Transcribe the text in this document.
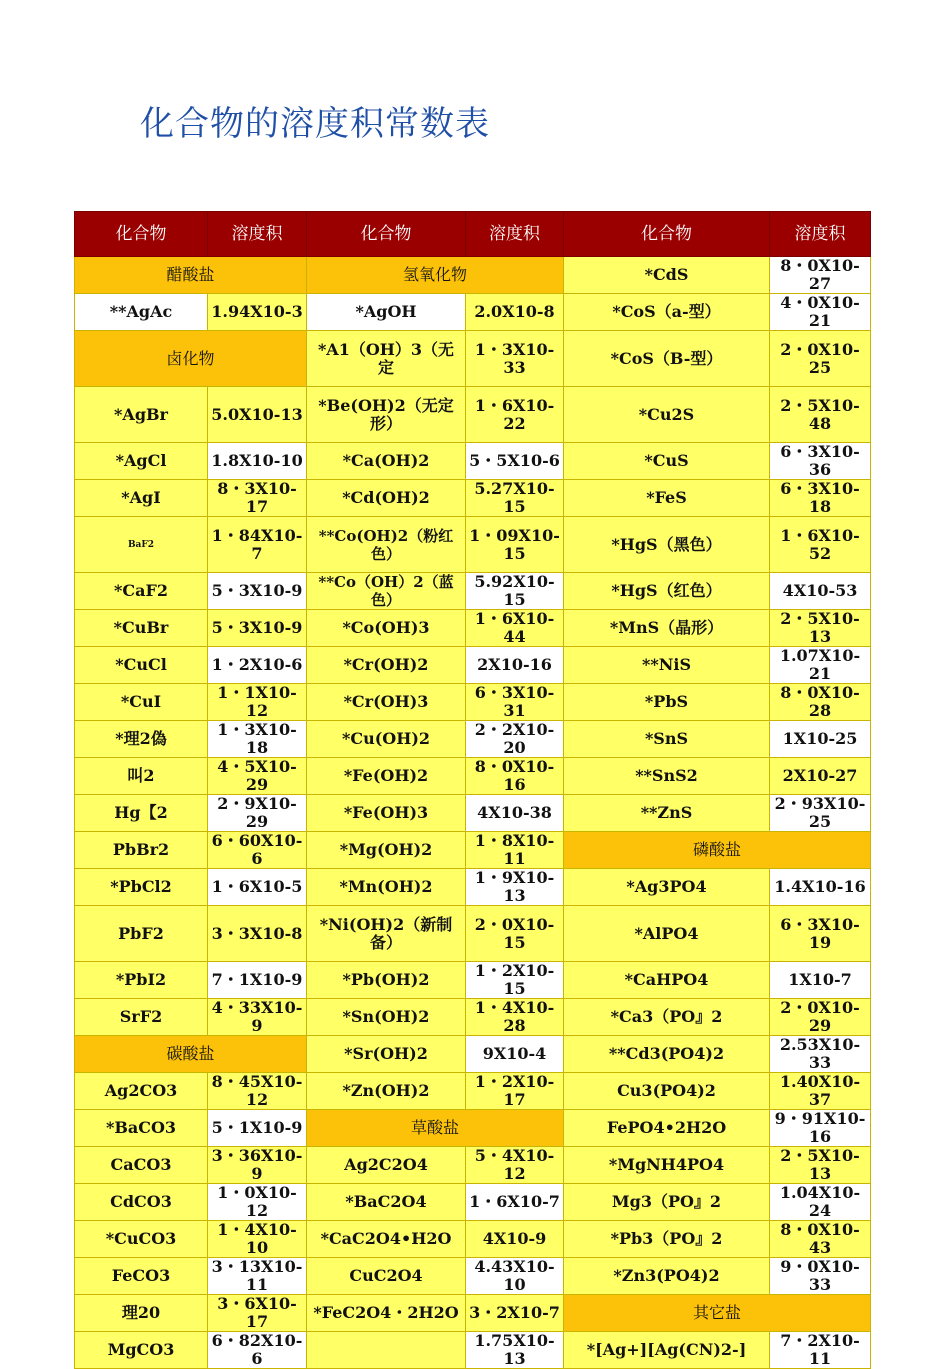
化合物的溶度积常数表
化合物	溶度积	化合物	溶度积	化合物	溶度积
醋酸盐		氢氧化物		*CdS	8・0X10-27
**AgAc	1.94X10-3	*AgOH	2.0X10-8	*CoS（a-型）	4・0X10-21
卤化物		*A1（OH）3（无定	1・3X10-33	*CoS（B-型）	2・0X10-25
*AgBr	5.0X10-13	*Be(OH)2（无定形）	1・6X10-22	*Cu2S	2・5X10-48
*AgCl	1.8X10-10	*Ca(OH)2	5・5X10-6	*CuS	6・3X10-36
*AgI	8・3X10-17	*Cd(OH)2	5.27X10-15	*FeS	6・3X10-18
BaF2	1・84X10-7	**Co(OH)2（粉红色）	1・09X10-15	*HgS（黑色）	1・6X10-52
*CaF2	5・3X10-9	**Co（OH）2（蓝色）	5.92X10-15	*HgS（红色）	4X10-53
*CuBr	5・3X10-9	*Co(OH)3	1・6X10-44	*MnS（晶形）	2・5X10-13
*CuCl	1・2X10-6	*Cr(OH)2	2X10-16	**NiS	1.07X10-21
*CuI	1・1X10-12	*Cr(OH)3	6・3X10-31	*PbS	8・0X10-28
*理2偽	1・3X10-18	*Cu(OH)2	2・2X10-20	*SnS	1X10-25
叫2	4・5X10-29	*Fe(OH)2	8・0X10-16	**SnS2	2X10-27
Hg【2	2・9X10-29	*Fe(OH)3	4X10-38	**ZnS	2・93X10-25
PbBr2	6・60X10-6	*Mg(OH)2	1・8X10-11	磷酸盐	
*PbCl2	1・6X10-5	*Mn(OH)2	1・9X10-13	*Ag3PO4	1.4X10-16
PbF2	3・3X10-8	*Ni(OH)2（新制备）	2・0X10-15	*AlPO4	6・3X10-19
*PbI2	7・1X10-9	*Pb(OH)2	1・2X10-15	*CaHPO4	1X10-7
SrF2	4・33X10-9	*Sn(OH)2	1・4X10-28	*Ca3（PO』2	2・0X10-29
碳酸盐		*Sr(OH)2	9X10-4	**Cd3(PO4)2	2.53X10-33
Ag2CO3	8・45X10-12	*Zn(OH)2	1・2X10-17	Cu3(PO4)2	1.40X10-37
*BaCO3	5・1X10-9	草酸盐		FePO4•2H2O	9・91X10-16
CaCO3	3・36X10-9	Ag2C2O4	5・4X10-12	*MgNH4PO4	2・5X10-13
CdCO3	1・0X10-12	*BaC2O4	1・6X10-7	Mg3（PO』2	1.04X10-24
*CuCO3	1・4X10-10	*CaC2O4•H2O	4X10-9	*Pb3（PO』2	8・0X10-43
FeCO3	3・13X10-11	CuC2O4	4.43X10-10	*Zn3(PO4)2	9・0X10-33
理20	3・6X10-17	*FeC2O4・2H2O	3・2X10-7	其它盐	
MgCO3	6・82X10-6		1.75X10-13	*[Ag+][Ag(CN)2-]	7・2X10-11
